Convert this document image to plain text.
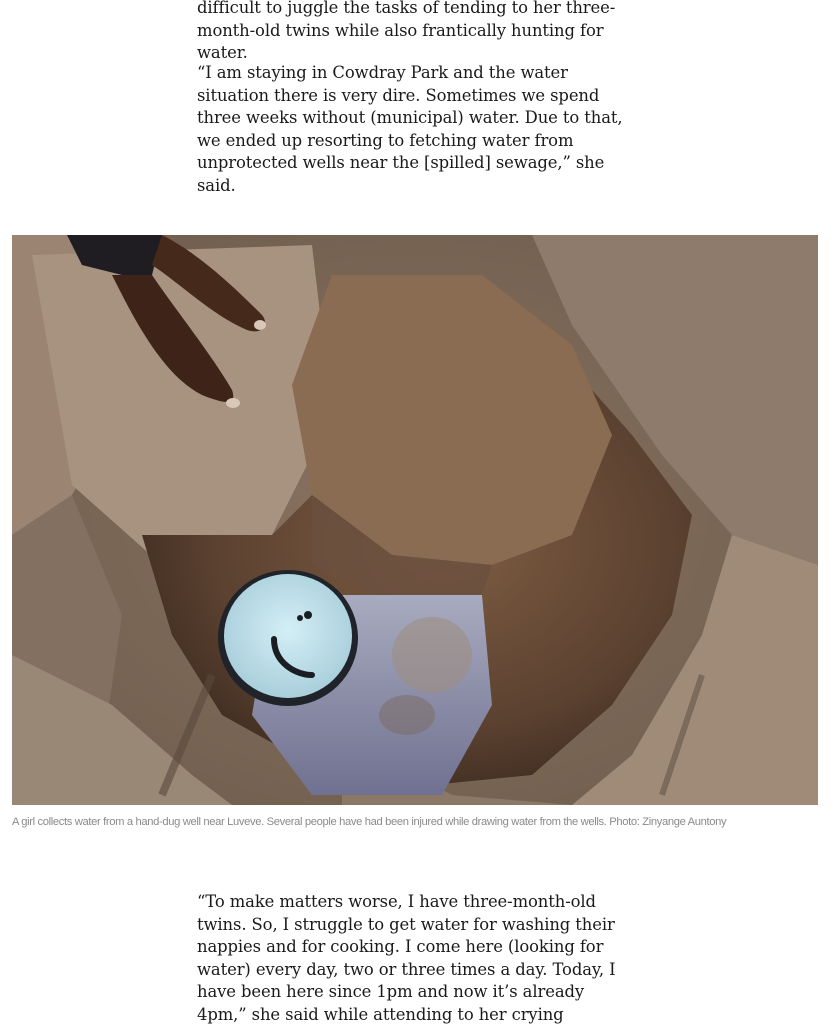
difficult to juggle the tasks of tending to her three-month-old twins while also frantically hunting for water.

“I am staying in Cowdray Park and the water situation there is very dire. Sometimes we spend three weeks without (municipal) water. Due to that, we ended up resorting to fetching water from unprotected wells near the [spilled] sewage,” she said.

A girl collects water from a hand-dug well near Luveve. Several people have had been injured while drawing water from the wells. Photo: Zinyange Auntony

“To make matters worse, I have three-month-old twins. So, I struggle to get water for washing their nappies and for cooking. I come here (looking for water) every day, two or three times a day. Today, I have been here since 1pm and now it’s already 4pm,” she said while attending to her crying
